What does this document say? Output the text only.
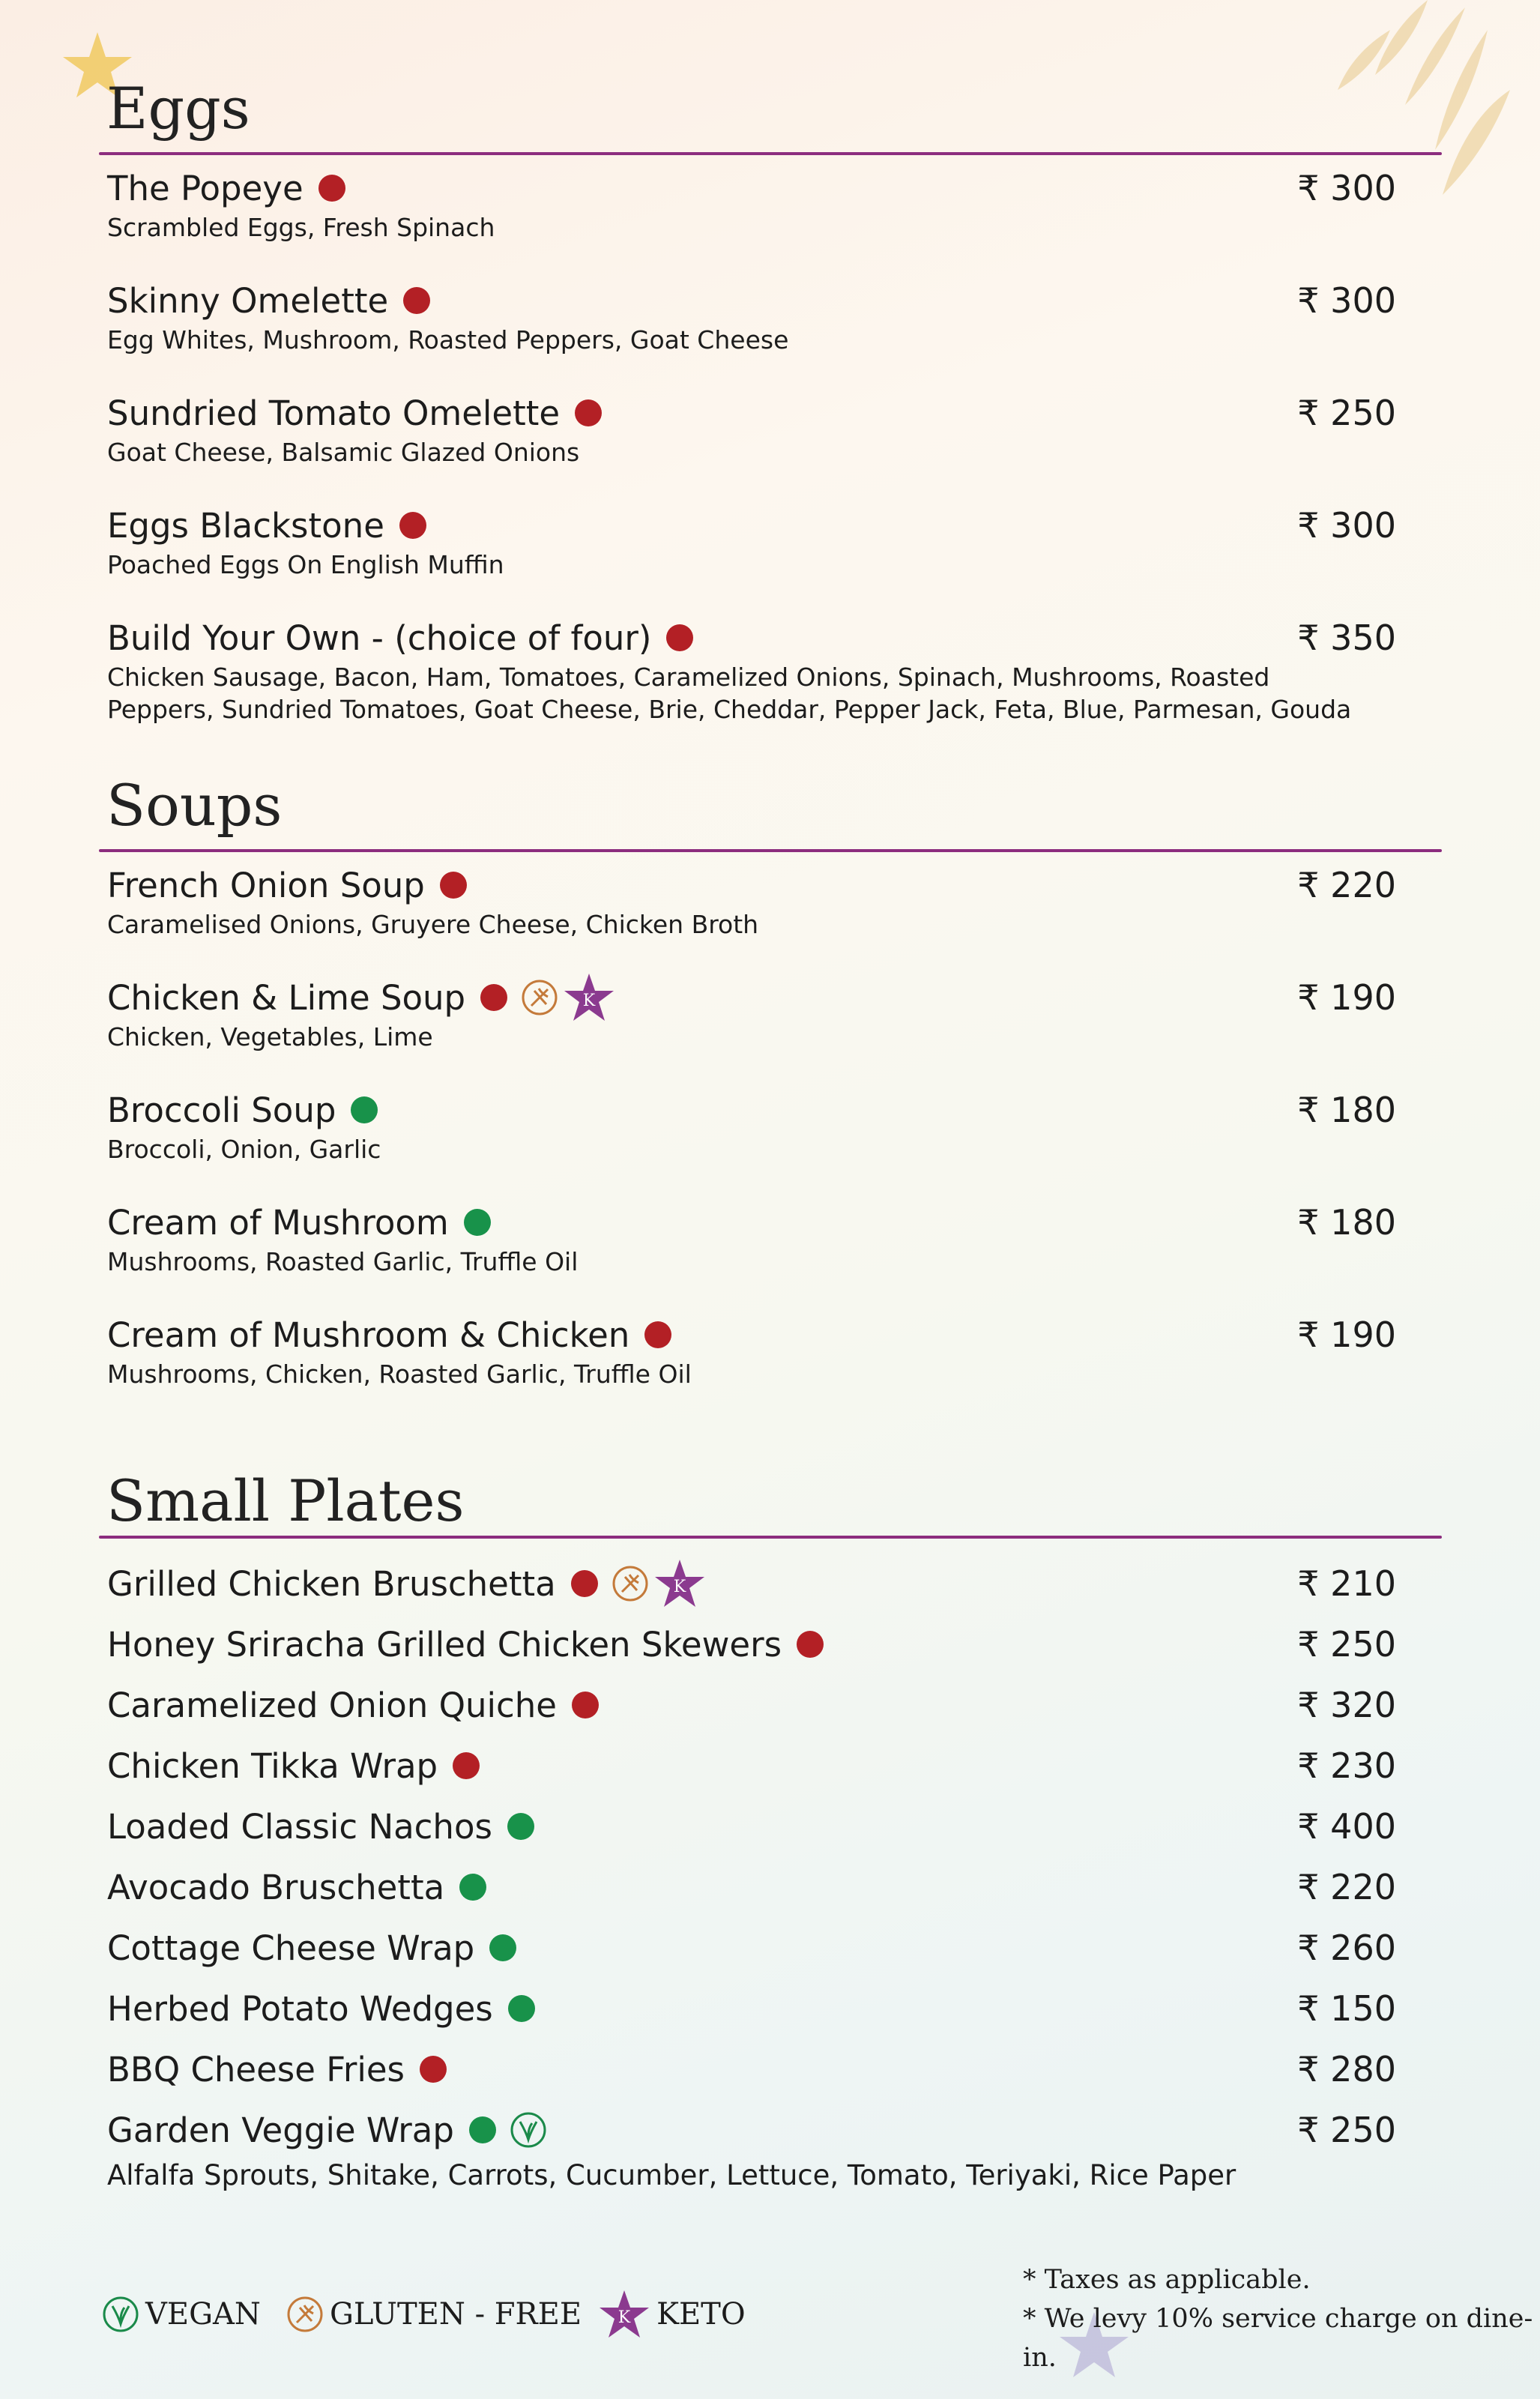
Eggs
The Popeye
Scrambled Eggs, Fresh Spinach
₹ 300
Skinny Omelette
Egg Whites, Mushroom, Roasted Peppers, Goat Cheese
₹ 300
Sundried Tomato Omelette
Goat Cheese, Balsamic Glazed Onions
₹ 250
Eggs Blackstone
Poached Eggs On English Muffin
₹ 300
Build Your Own - (choice of four)
Chicken Sausage, Bacon, Ham, Tomatoes, Caramelized Onions, Spinach, Mushrooms, Roasted
Peppers, Sundried Tomatoes, Goat Cheese, Brie, Cheddar, Pepper Jack, Feta, Blue, Parmesan, Gouda
₹ 350
Soups
French Onion Soup
Caramelised Onions, Gruyere Cheese, Chicken Broth
₹ 220
Chicken & Lime Soup	K
Chicken, Vegetables, Lime
₹ 190
Broccoli Soup
Broccoli, Onion, Garlic
₹ 180
Cream of Mushroom
Mushrooms, Roasted Garlic, Truffle Oil
₹ 180
Cream of Mushroom & Chicken
Mushrooms, Chicken, Roasted Garlic, Truffle Oil
₹ 190
Small Plates
Grilled Chicken Bruschetta	K	₹ 210
Honey Sriracha Grilled Chicken Skewers	₹ 250
Caramelized Onion Quiche	₹ 320
Chicken Tikka Wrap	₹ 230
Loaded Classic Nachos	₹ 400
Avocado Bruschetta	₹ 220
Cottage Cheese Wrap	₹ 260
Herbed Potato Wedges	₹ 150
BBQ Cheese Fries	₹ 280
Garden Veggie Wrap
Alfalfa Sprouts, Shitake, Carrots, Cucumber, Lettuce, Tomato, Teriyaki, Rice Paper
₹ 250
VEGAN GLUTEN - FREE K KETO
* Taxes as applicable.
* We levy 10% service charge on dine-in.
